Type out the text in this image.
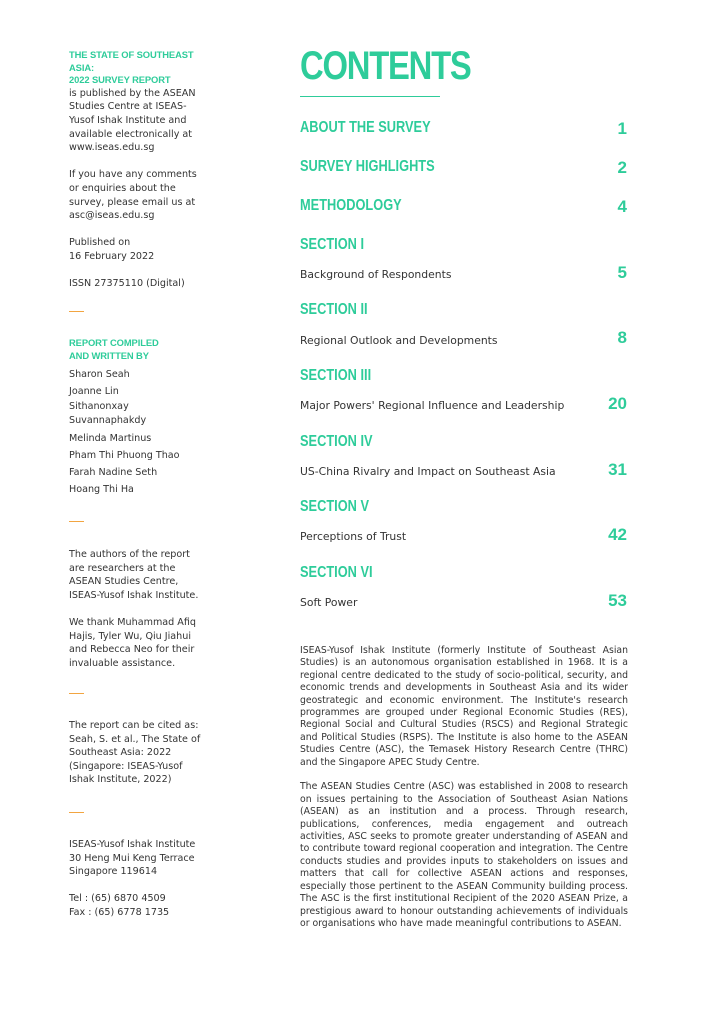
THE STATE OF SOUTHEAST ASIA:
2022 SURVEY REPORT

is published by the ASEAN
Studies Centre at ISEAS-
Yusof Ishak Institute and
available electronically at
www.iseas.edu.sg

If you have any comments
or enquiries about the
survey, please email us at
asc@iseas.edu.sg

Published on
16 February 2022

ISSN 27375110 (Digital)

REPORT COMPILED
AND WRITTEN BY
Sharon Seah
Joanne Lin
Sithanonxay Suvannaphakdy
Melinda Martinus
Pham Thi Phuong Thao
Farah Nadine Seth
Hoang Thi Ha

The authors of the report
are researchers at the
ASEAN Studies Centre,
ISEAS-Yusof Ishak Institute.

We thank Muhammad Afiq
Hajis, Tyler Wu, Qiu Jiahui
and Rebecca Neo for their
invaluable assistance.

The report can be cited as:
Seah, S. et al., The State of
Southeast Asia: 2022
(Singapore: ISEAS-Yusof
Ishak Institute, 2022)

ISEAS-Yusof Ishak Institute
30 Heng Mui Keng Terrace
Singapore 119614

Tel : (65) 6870 4509
Fax : (65) 6778 1735

CONTENTS
ABOUT THE SURVEY	1
SURVEY HIGHLIGHTS	2
METHODOLOGY	4
SECTION I
Background of Respondents	5
SECTION II
Regional Outlook and Developments	8
SECTION III
Major Powers' Regional Influence and Leadership	20
SECTION IV
US-China Rivalry and Impact on Southeast Asia	31
SECTION V
Perceptions of Trust	42
SECTION VI
Soft Power	53

ISEAS-Yusof Ishak Institute (formerly Institute of Southeast Asian Studies) is an autonomous organisation established in 1968. It is a regional centre dedicated to the study of socio-political, security, and economic trends and developments in Southeast Asia and its wider geostrategic and economic environment. The Institute's research programmes are grouped under Regional Economic Studies (RES), Regional Social and Cultural Studies (RSCS) and Regional Strategic and Political Studies (RSPS). The Institute is also home to the ASEAN Studies Centre (ASC), the Temasek History Research Centre (THRC) and the Singapore APEC Study Centre.

The ASEAN Studies Centre (ASC) was established in 2008 to research on issues pertaining to the Association of Southeast Asian Nations (ASEAN) as an institution and a process. Through research, publications, conferences, media engagement and outreach activities, ASC seeks to promote greater understanding of ASEAN and to contribute toward regional cooperation and integration. The Centre conducts studies and provides inputs to stakeholders on issues and matters that call for collective ASEAN actions and responses, especially those pertinent to the ASEAN Community building process. The ASC is the first institutional Recipient of the 2020 ASEAN Prize, a prestigious award to honour outstanding achievements of individuals or organisations who have made meaningful contributions to ASEAN.
